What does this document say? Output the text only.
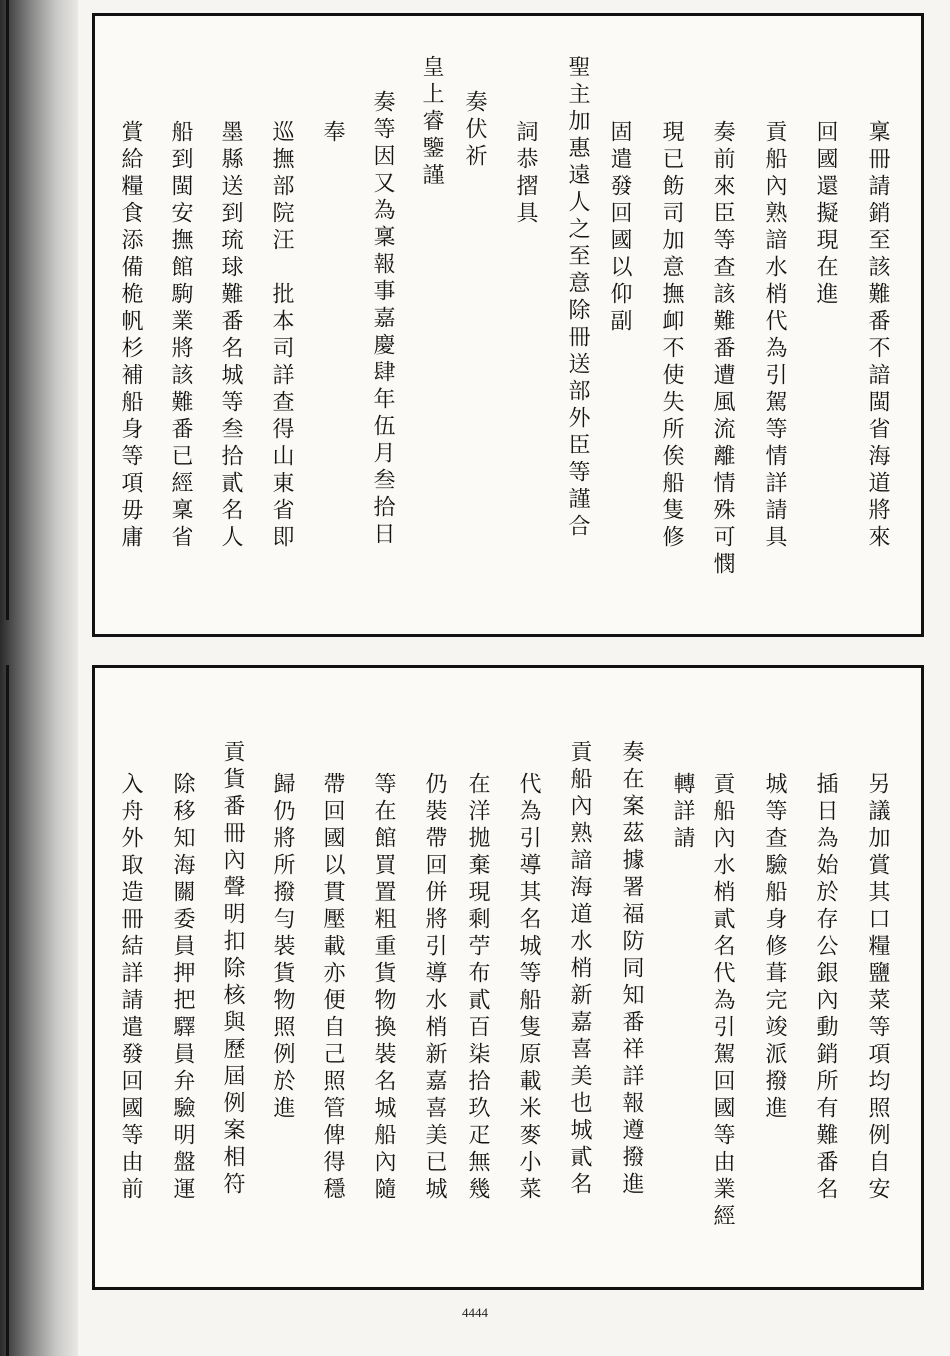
稟冊請銷至該難番不諳閩省海道將來
回國還擬現在進
貢船內熟諳水梢代為引駕等情詳請具
奏前來臣等查該難番遭風流離情殊可憫
現已飭司加意撫卹不使失所俟船隻修
固遣發回國以仰副
聖主加惠遠人之至意除冊送部外臣等謹合
詞恭摺具
奏伏祈
皇上睿鑒謹
奏等因又為稟報事嘉慶肆年伍月叁拾日
奉
巡撫部院汪　批本司詳查得山東省即
墨縣送到琉球難番名城等叁拾貳名人
船到閩安撫館駒業將該難番已經稟省
賞給糧食添備桅帆杉補船身等項毋庸
另議加賞其口糧鹽菜等項均照例自安
插日為始於存公銀內動銷所有難番名
城等查驗船身修葺完竣派撥進
貢船內水梢貳名代為引駕回國等由業經
轉詳請
奏在案茲據署福防同知番祥詳報遵撥進
貢船內熟諳海道水梢新嘉喜美也城貳名
代為引導其名城等船隻原載米麥小菜
在洋拋棄現剩苧布貳百柒拾玖疋無幾
仍裝帶回併將引導水梢新嘉喜美已城
等在館買置粗重貨物換裝名城船內隨
帶回國以貫壓載亦便自己照管俾得穩
歸仍將所撥勻裝貨物照例於進
貢貨番冊內聲明扣除核與歷屆例案相符
除移知海關委員押把驛員弁驗明盤運
入舟外取造冊結詳請遣發回國等由前
4444
